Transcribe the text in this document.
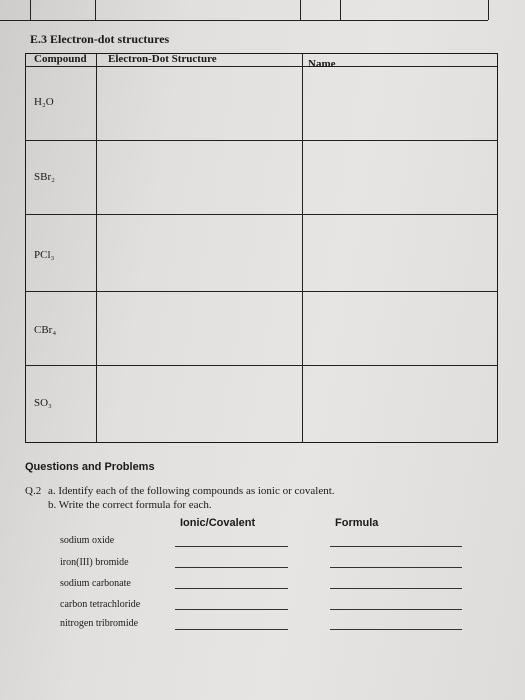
E.3 Electron-dot structures
Compound Electron-Dot Structure	Name
H₂O
SBr₂
PCl₃
CBr₄
SO₃
Questions and Problems
Q.2 a. Identify each of the following compounds as ionic or covalent.
b. Write the correct formula for each.
Ionic/Covalent	Formula
sodium oxide
iron(III) bromide
sodium carbonate
carbon tetrachloride
nitrogen tribromide
